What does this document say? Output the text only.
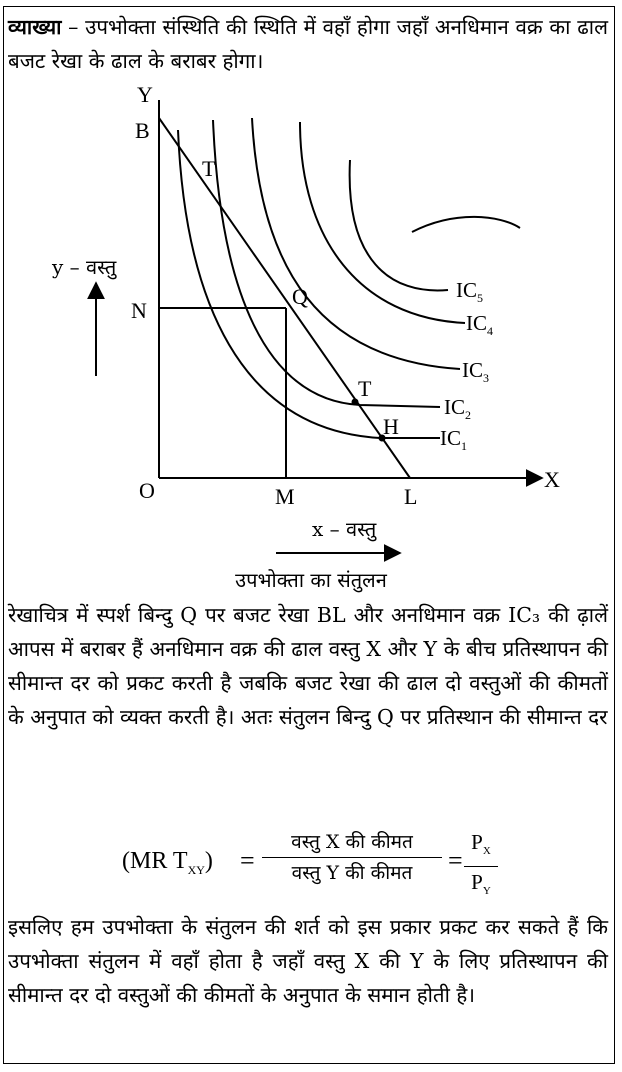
व्याख्या – उपभोक्ता संस्थिति की स्थिति में वहाँ होगा जहाँ अनधिमान वक्र का ढाल बजट रेखा के ढाल के बराबर होगा।

Y
X
O
B
T
N
Q
T
H
M	L
$IC_5$
$IC_4$
$IC_3$
$IC_2$
$IC_1$
y – वस्तु
x – वस्तु
उपभोक्ता का संतुलन

रेखाचित्र में स्पर्श बिन्दु Q पर बजट रेखा BL और अनधिमान वक्र IC₃ की ढ़ालें आपस में बराबर हैं अनधिमान वक्र की ढाल वस्तु X और Y के बीच प्रतिस्थापन की सीमान्त दर को प्रकट करती है जबकि बजट रेखा की ढाल दो वस्तुओं की कीमतों के अनुपात को व्यक्त करती है। अतः संतुलन बिन्दु Q पर प्रतिस्थान की सीमान्त दर

(MR $T_{XY}$) =
वस्तु X की कीमत
वस्तु Y की कीमत	=
$P_X$
$P_Y$

इसलिए हम उपभोक्ता के संतुलन की शर्त को इस प्रकार प्रकट कर सकते हैं कि उपभोक्ता संतुलन में वहाँ होता है जहाँ वस्तु X की Y के लिए प्रतिस्थापन की सीमान्त दर दो वस्तुओं की कीमतों के अनुपात के समान होती है।
